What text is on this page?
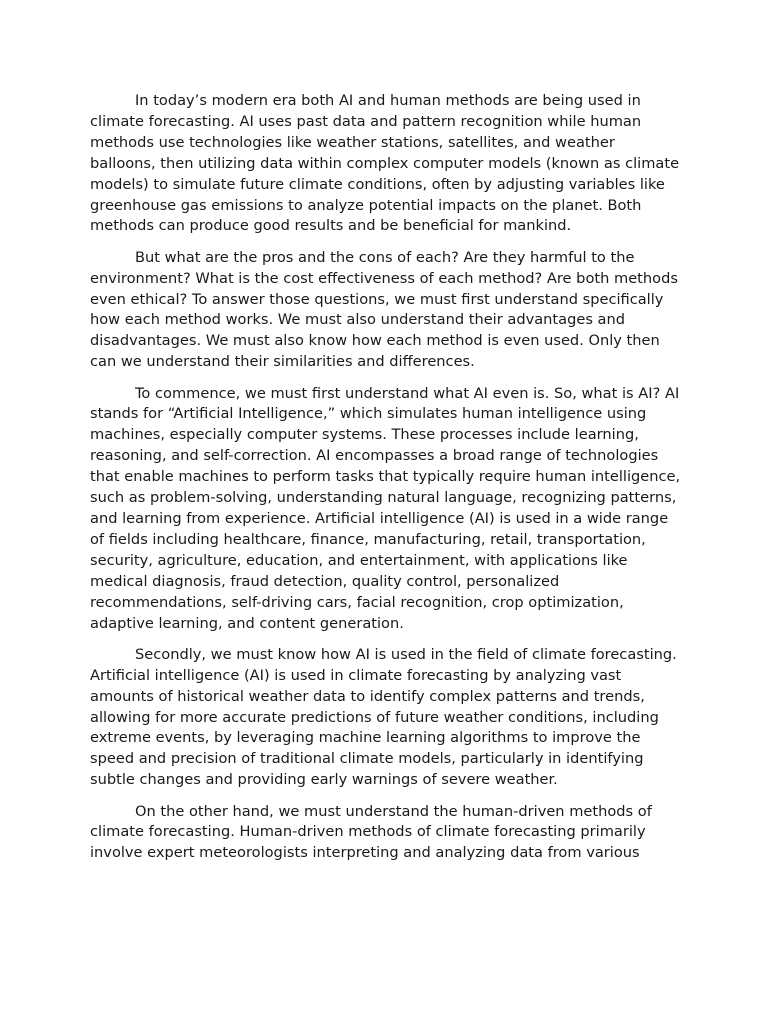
In today’s modern era both AI and human methods are being used in climate forecasting. AI uses past data and pattern recognition while human methods use technologies like weather stations, satellites, and weather balloons, then utilizing data within complex computer models (known as climate models) to simulate future climate conditions, often by adjusting variables like greenhouse gas emissions to analyze potential impacts on the planet. Both methods can produce good results and be beneficial for mankind.

But what are the pros and the cons of each? Are they harmful to the environment? What is the cost effectiveness of each method? Are both methods even ethical? To answer those questions, we must first understand specifically how each method works. We must also understand their advantages and disadvantages. We must also know how each method is even used. Only then can we understand their similarities and differences.

To commence, we must first understand what AI even is. So, what is AI? AI stands for “Artificial Intelligence,” which simulates human intelligence using machines, especially computer systems. These processes include learning, reasoning, and self-correction. AI encompasses a broad range of technologies that enable machines to perform tasks that typically require human intelligence, such as problem-solving, understanding natural language, recognizing patterns, and learning from experience. Artificial intelligence (AI) is used in a wide range of fields including healthcare, finance, manufacturing, retail, transportation, security, agriculture, education, and entertainment, with applications like medical diagnosis, fraud detection, quality control, personalized recommendations, self-driving cars, facial recognition, crop optimization, adaptive learning, and content generation.

Secondly, we must know how AI is used in the field of climate forecasting. Artificial intelligence (AI) is used in climate forecasting by analyzing vast amounts of historical weather data to identify complex patterns and trends, allowing for more accurate predictions of future weather conditions, including extreme events, by leveraging machine learning algorithms to improve the speed and precision of traditional climate models, particularly in identifying subtle changes and providing early warnings of severe weather.

On the other hand, we must understand the human-driven methods of climate forecasting. Human-driven methods of climate forecasting primarily involve expert meteorologists interpreting and analyzing data from various
